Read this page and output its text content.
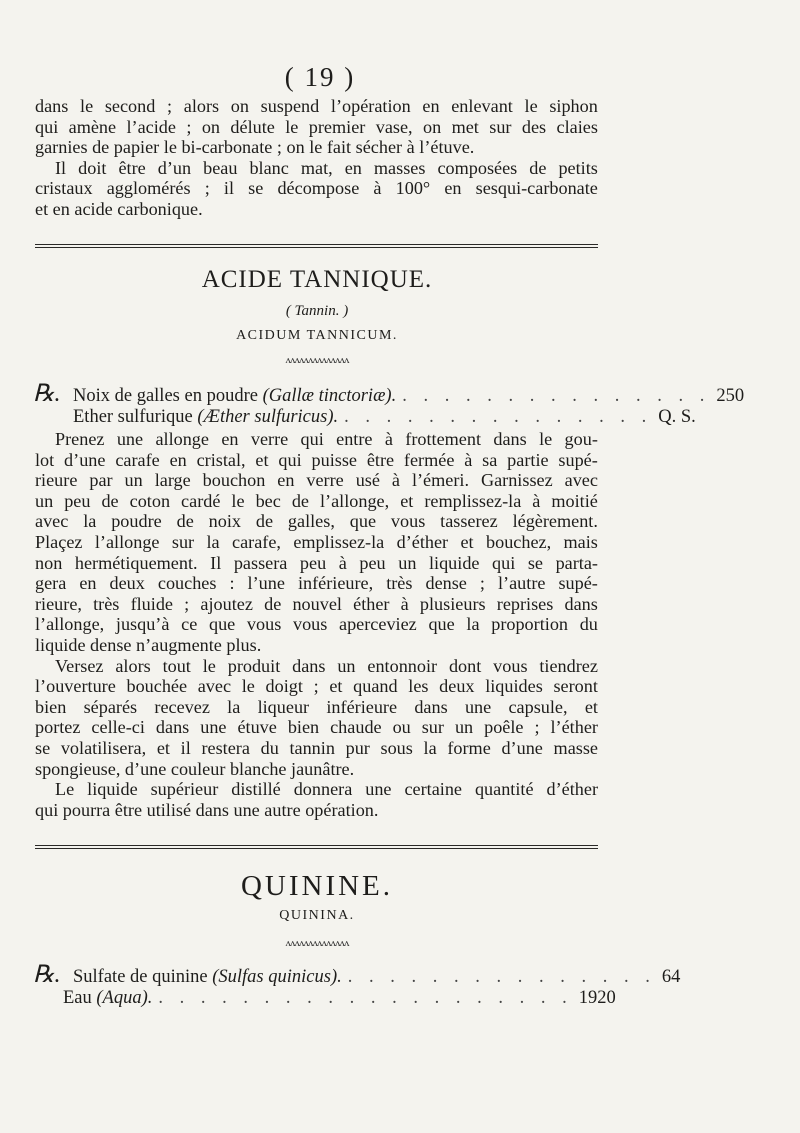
( 19 )
dans le second ; alors on suspend l’opération en enlevant le siphon
qui amène l’acide ; on délute le premier vase, on met sur des claies
garnies de papier le bi-carbonate ; on le fait sécher à l’étuve.
Il doit être d’un beau blanc mat, en masses composées de petits
cristaux agglomérés ; il se décompose à 100° en sesqui-carbonate
et en acide carbonique.
ACIDE TANNIQUE.
( Tannin. )
ACIDUM TANNICUM.
ʌʌʌʌʌʌʌʌʌʌʌʌʌʌ
℞. Noix de galles en poudre (Gallæ tinctoriæ). . . . . . . . . . . . . . . . 250
Ether sulfurique (Æther sulfuricus). . . . . . . . . . . . . . . . Q. S.
Prenez une allonge en verre qui entre à frottement dans le gou-
lot d’une carafe en cristal, et qui puisse être fermée à sa partie supé-
rieure par un large bouchon en verre usé à l’émeri. Garnissez avec
un peu de coton cardé le bec de l’allonge, et remplissez-la à moitié
avec la poudre de noix de galles, que vous tasserez légèrement.
Plaçez l’allonge sur la carafe, emplissez-la d’éther et bouchez, mais
non hermétiquement. Il passera peu à peu un liquide qui se parta-
gera en deux couches : l’une inférieure, très dense ; l’autre supé-
rieure, très fluide ; ajoutez de nouvel éther à plusieurs reprises dans
l’allonge, jusqu’à ce que vous vous aperceviez que la proportion du
liquide dense n’augmente plus.
Versez alors tout le produit dans un entonnoir dont vous tiendrez
l’ouverture bouchée avec le doigt ; et quand les deux liquides seront
bien séparés recevez la liqueur inférieure dans une capsule, et
portez celle-ci dans une étuve bien chaude ou sur un poêle ; l’éther
se volatilisera, et il restera du tannin pur sous la forme d’une masse
spongieuse, d’une couleur blanche jaunâtre.
Le liquide supérieur distillé donnera une certaine quantité d’éther
qui pourra être utilisé dans une autre opération.
QUININE.
QUININA.
ʌʌʌʌʌʌʌʌʌʌʌʌʌʌ
℞. Sulfate de quinine (Sulfas quinicus). . . . . . . . . . . . . . . . 64
Eau (Aqua). . . . . . . . . . . . . . . . . . . . . 1920
